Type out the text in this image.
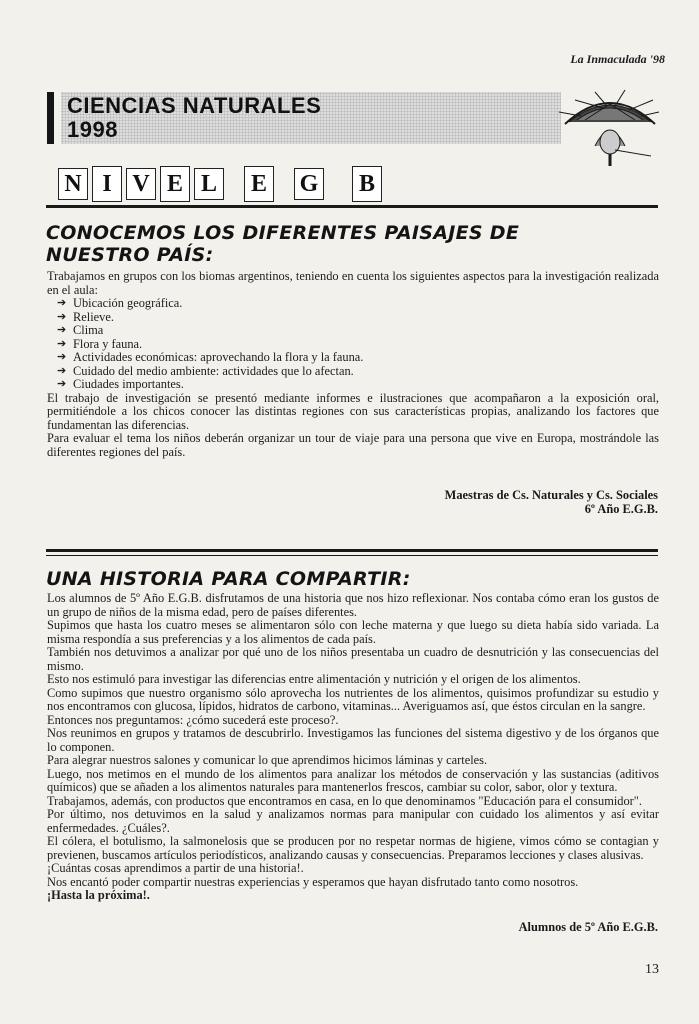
La Inmaculada '98
CIENCIAS NATURALES
1998
N I V E L E G B
CONOCEMOS LOS DIFERENTES PAISAJES DE
NUESTRO PAÍS:

Trabajamos en grupos con los biomas argentinos, teniendo en cuenta los siguientes aspectos para la investigación realizada en el aula:

➔ Ubicación geográfica.
➔ Relieve.
➔ Clima
➔ Flora y fauna.
➔ Actividades económicas: aprovechando la flora y la fauna.
➔ Cuidado del medio ambiente: actividades que lo afectan.
➔ Ciudades importantes.

El trabajo de investigación se presentó mediante informes e ilustraciones que acompañaron a la exposición oral, permitiéndole a los chicos conocer las distintas regiones con sus características propias, analizando los factores que fundamentan las diferencias.

Para evaluar el tema los niños deberán organizar un tour de viaje para una persona que vive en Europa, mostrándole las diferentes regiones del país.

Maestras de Cs. Naturales y Cs. Sociales
6º Año E.G.B.
UNA HISTORIA PARA COMPARTIR:

Los alumnos de 5º Año E.G.B. disfrutamos de una historia que nos hizo reflexionar. Nos contaba cómo eran los gustos de un grupo de niños de la misma edad, pero de países diferentes.

Supimos que hasta los cuatro meses se alimentaron sólo con leche materna y que luego su dieta había sido variada. La misma respondía a sus preferencias y a los alimentos de cada país.

También nos detuvimos a analizar por qué uno de los niños presentaba un cuadro de desnutrición y las consecuencias del mismo.

Esto nos estimuló para investigar las diferencias entre alimentación y nutrición y el origen de los alimentos.

Como supimos que nuestro organismo sólo aprovecha los nutrientes de los alimentos, quisimos profundizar su estudio y nos encontramos con glucosa, lípidos, hidratos de carbono, vitaminas... Averiguamos así, que éstos circulan en la sangre.

Entonces nos preguntamos: ¿cómo sucederá este proceso?.

Nos reunimos en grupos y tratamos de descubrirlo. Investigamos las funciones del sistema digestivo y de los órganos que lo componen.

Para alegrar nuestros salones y comunicar lo que aprendimos hicimos láminas y carteles.

Luego, nos metimos en el mundo de los alimentos para analizar los métodos de conservación y las sustancias (aditivos químicos) que se añaden a los alimentos naturales para mantenerlos frescos, cambiar su color, sabor, olor y textura.

Trabajamos, además, con productos que encontramos en casa, en lo que denominamos "Educación para el consumidor".

Por último, nos detuvimos en la salud y analizamos normas para manipular con cuidado los alimentos y así evitar enfermedades. ¿Cuáles?.

El cólera, el botulismo, la salmonelosis que se producen por no respetar normas de higiene, vimos cómo se contagian y previenen, buscamos artículos periodísticos, analizando causas y consecuencias. Preparamos lecciones y clases alusivas.

¡Cuántas cosas aprendimos a partir de una historia!.

Nos encantó poder compartir nuestras experiencias y esperamos que hayan disfrutado tanto como nosotros.

¡Hasta la próxima!.

Alumnos de 5º Año E.G.B.
13
